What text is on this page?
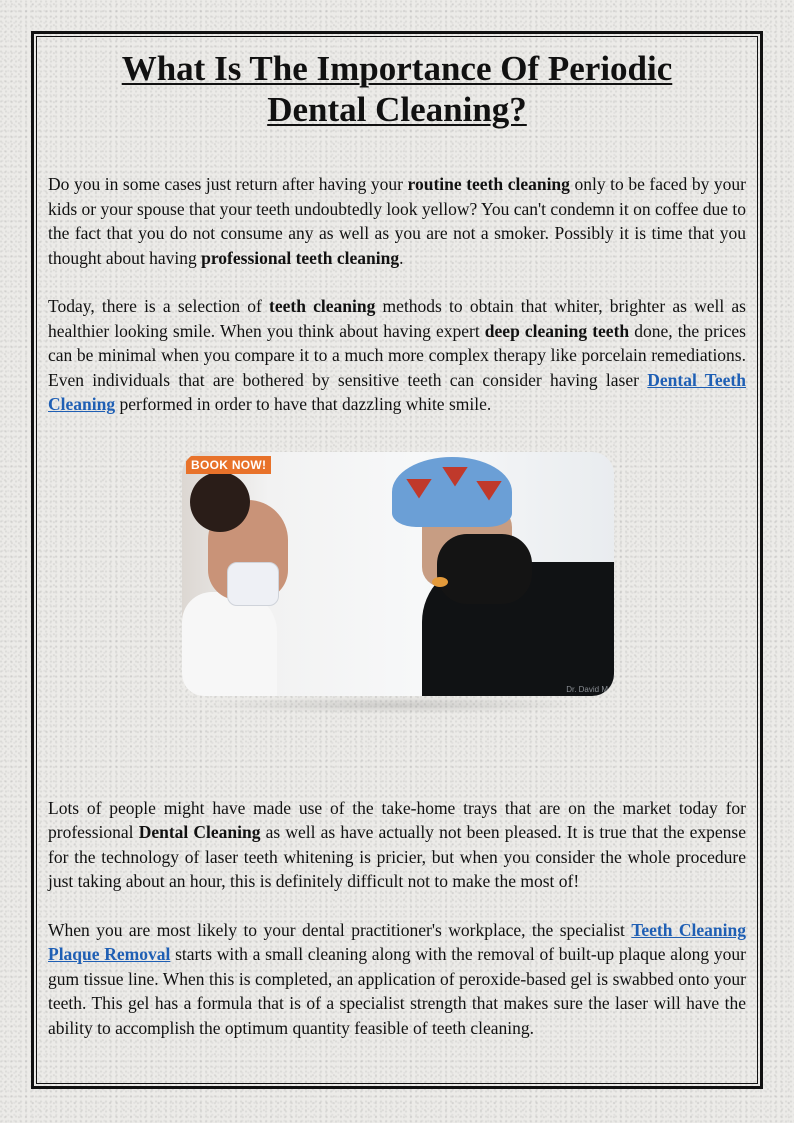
What Is The Importance Of Periodic
Dental Cleaning?

Do you in some cases just return after having your routine teeth cleaning only to be faced by your kids or your spouse that your teeth undoubtedly look yellow? You can't condemn it on coffee due to the fact that you do not consume any as well as you are not a smoker. Possibly it is time that you thought about having professional teeth cleaning.

Today, there is a selection of teeth cleaning methods to obtain that whiter, brighter as well as healthier looking smile. When you think about having expert deep cleaning teeth done, the prices can be minimal when you compare it to a much more complex therapy like porcelain remediations. Even individuals that are bothered by sensitive teeth can consider having laser Dental Teeth Cleaning performed in order to have that dazzling white smile.

BOOK NOW!
Dr. David M

Lots of people might have made use of the take-home trays that are on the market today for professional Dental Cleaning as well as have actually not been pleased. It is true that the expense for the technology of laser teeth whitening is pricier, but when you consider the whole procedure just taking about an hour, this is definitely difficult not to make the most of!

When you are most likely to your dental practitioner's workplace, the specialist Teeth Cleaning Plaque Removal starts with a small cleaning along with the removal of built-up plaque along your gum tissue line. When this is completed, an application of peroxide-based gel is swabbed onto your teeth. This gel has a formula that is of a specialist strength that makes sure the laser will have the ability to accomplish the optimum quantity feasible of teeth cleaning.
